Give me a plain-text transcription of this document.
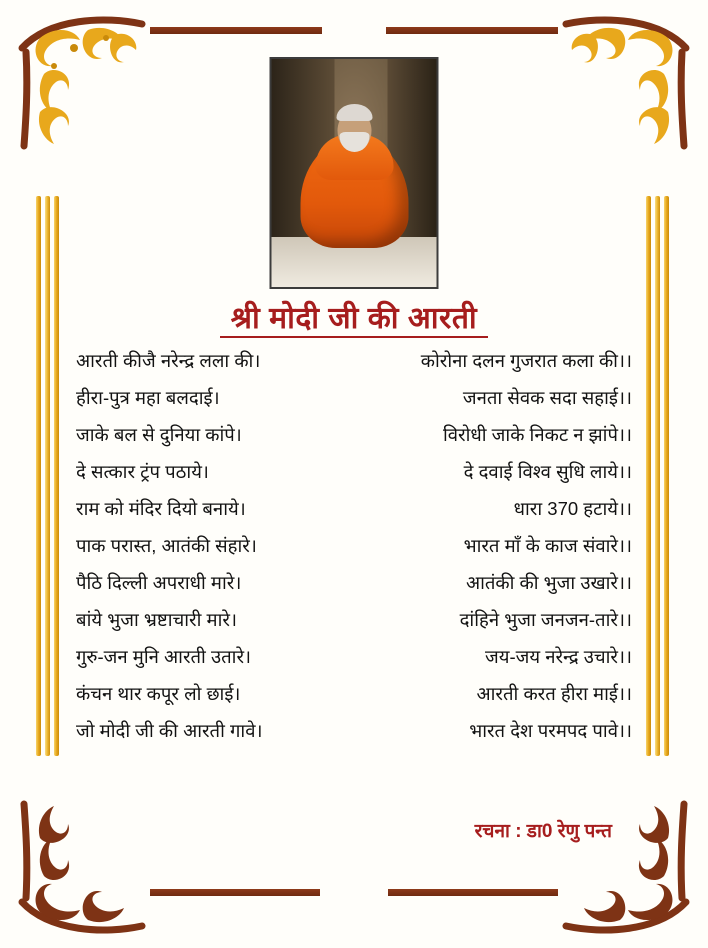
श्री मोदी जी की आरती
आरती कीजै नरेन्द्र लला की।	कोरोना दलन गुजरात कला की।।
हीरा-पुत्र महा बलदाई।	जनता सेवक सदा सहाई।।
जाके बल से दुनिया कांपे।	विरोधी जाके निकट न झांपे।।
दे सत्कार ट्रंप पठाये।	दे दवाई विश्व सुधि लाये।।
राम को मंदिर दियो बनाये।	धारा 370 हटाये।।
पाक परास्त, आतंकी संहारे।	भारत माँ के काज संवारे।।
पैठि दिल्ली अपराधी मारे।	आतंकी की भुजा उखारे।।
बांये भुजा भ्रष्टाचारी मारे।	दांहिने भुजा जनजन-तारे।।
गुरु-जन मुनि आरती उतारे।	जय-जय नरेन्द्र उचारे।।
कंचन थार कपूर लो छाई।	आरती करत हीरा माई।।
जो मोदी जी की आरती गावे।	भारत देश परमपद पावे।।
रचना : डा0 रेणु पन्त
